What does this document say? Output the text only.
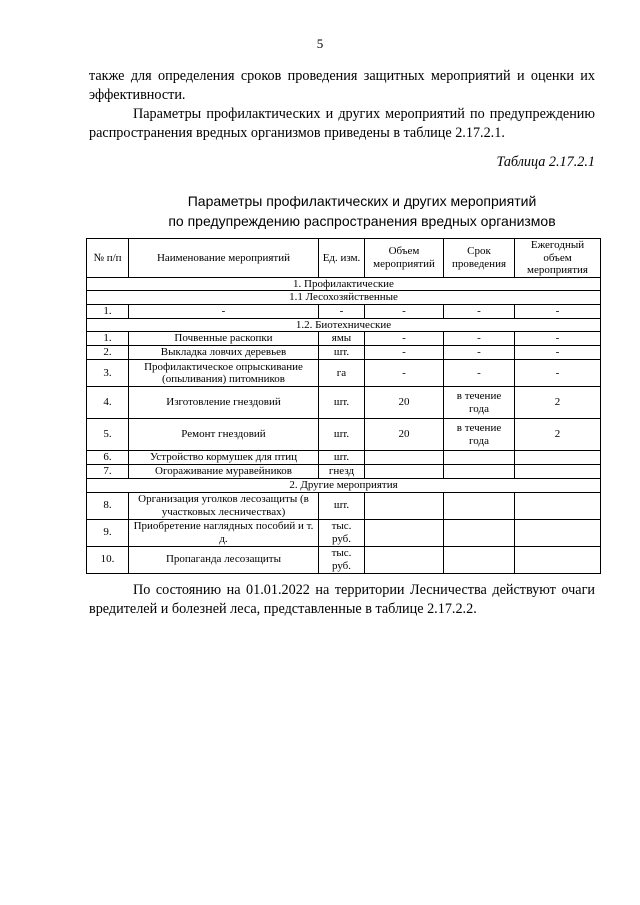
5
также для определения сроков проведения защитных мероприятий и оценки их эффективности.
Параметры профилактических и других мероприятий по предупреждению распространения вредных организмов приведены в таблице 2.17.2.1.
Таблица 2.17.2.1
Параметры профилактических и других мероприятий
по предупреждению распространения вредных организмов
№ п/п	Наименование мероприятий	Ед. изм.	Объем мероприятий	Срок проведения	Ежегодный объем мероприятия
1. Профилактические					
1.1 Лесохозяйственные					
1.	-	-	-	-	-
1.2. Биотехнические					
1.	Почвенные раскопки	ямы	-	-	-
2.	Выкладка ловчих деревьев	шт.	-	-	-
3.	Профилактическое опрыскивание (опыливания) питомников	га	-	-	-
4.	Изготовление гнездовий	шт.	20	в течение года	2
5.	Ремонт гнездовий	шт.	20	в течение года	2
6.	Устройство кормушек для птиц	шт.			
7.	Огораживание муравейников	гнезд			
2. Другие мероприятия					
8.	Организация уголков лесозащиты (в участковых лесничествах)	шт.			
9.	Приобретение наглядных пособий и т. д.	тыс. руб.			
10.	Пропаганда лесозащиты	тыс. руб.			
По состоянию на 01.01.2022 на территории Лесничества действуют очаги вредителей и болезней леса, представленные в таблице 2.17.2.2.
